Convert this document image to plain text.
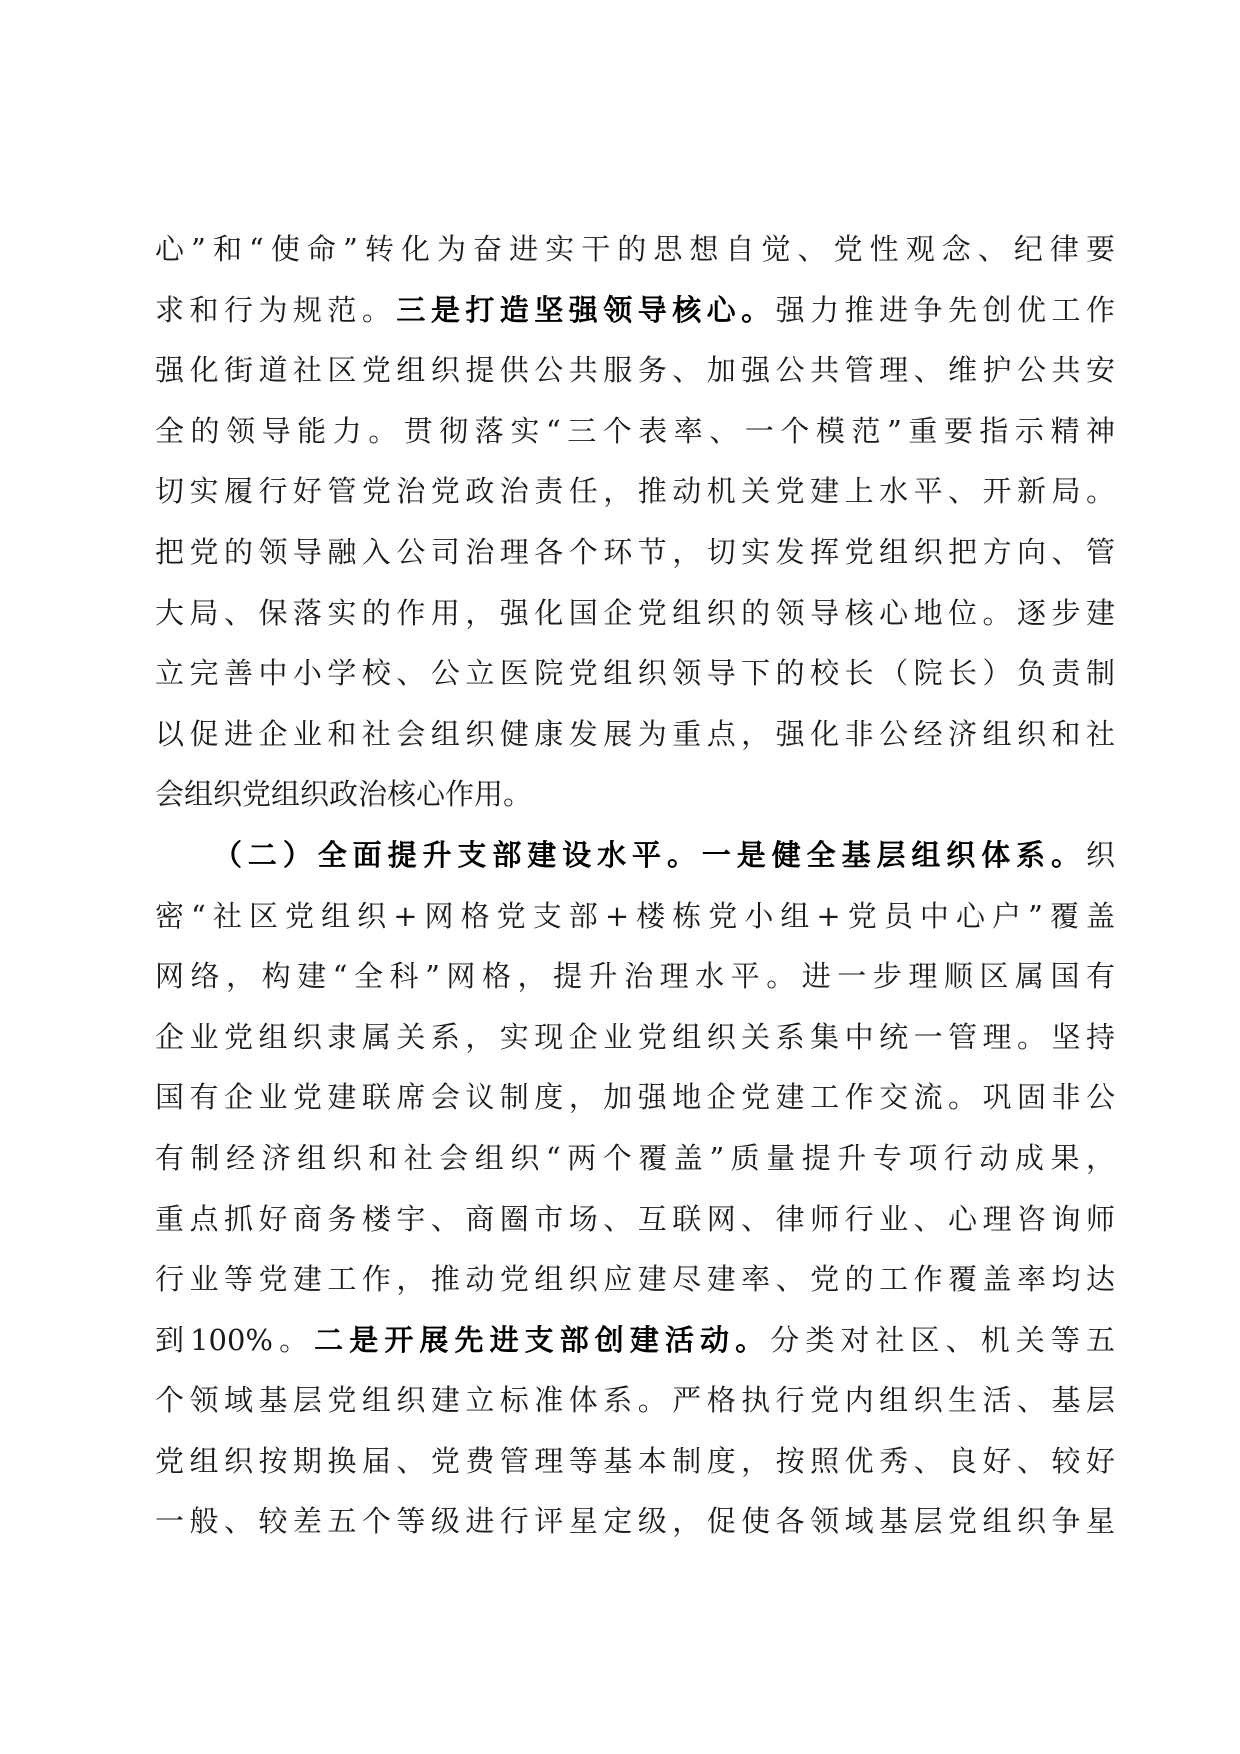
心”和“使命”转化为奋进实干的思想自觉、党性观念、纪律要
求和行为规范。三是打造坚强领导核心。强力推进争先创优工作
强化街道社区党组织提供公共服务、加强公共管理、维护公共安
全的领导能力。贯彻落实“三个表率、一个模范”重要指示精神
切实履行好管党治党政治责任，推动机关党建上水平、开新局。
把党的领导融入公司治理各个环节，切实发挥党组织把方向、管
大局、保落实的作用，强化国企党组织的领导核心地位。逐步建
立完善中小学校、公立医院党组织领导下的校长（院长）负责制
以促进企业和社会组织健康发展为重点，强化非公经济组织和社
会组织党组织政治核心作用。
（二）全面提升支部建设水平。一是健全基层组织体系。织
密“社区党组织+网格党支部+楼栋党小组+党员中心户”覆盖
网络，构建“全科”网格，提升治理水平。进一步理顺区属国有
企业党组织隶属关系，实现企业党组织关系集中统一管理。坚持
国有企业党建联席会议制度，加强地企党建工作交流。巩固非公
有制经济组织和社会组织“两个覆盖”质量提升专项行动成果，
重点抓好商务楼宇、商圈市场、互联网、律师行业、心理咨询师
行业等党建工作，推动党组织应建尽建率、党的工作覆盖率均达
到100%。二是开展先进支部创建活动。分类对社区、机关等五
个领域基层党组织建立标准体系。严格执行党内组织生活、基层
党组织按期换届、党费管理等基本制度，按照优秀、良好、较好
一般、较差五个等级进行评星定级，促使各领域基层党组织争星
